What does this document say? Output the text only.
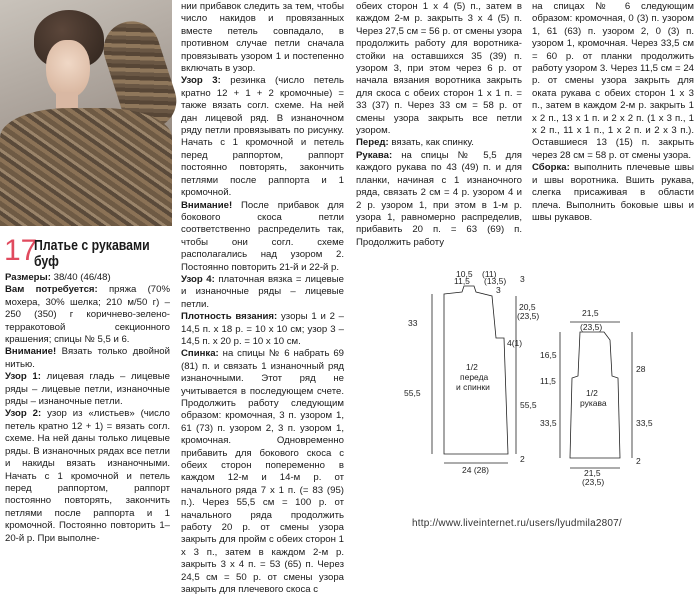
17
Платье с рукавами
буф

Размеры: 38/40 (46/48)

Вам потребуется: пряжа (70% мохера, 30% шелка; 210 м/50 г) – 250 (350) г коричнево-зелено-терракотовой секционного крашения; спицы № 5,5 и 6.

Внимание! Вязать только двойной нитью.

Узор 1: лицевая гладь – лицевые ряды – лицевые петли, изнаночные ряды – изнаночные петли.

Узор 2: узор из «листьев» (число петель кратно 12 + 1) = вязать согл. схеме. На ней даны только лицевые ряды. В изнаночных рядах все петли и накиды вязать изнаночными. Начать с 1 кромочной и петель перед раппортом, раппорт постоянно повторять, закончить петлями после раппорта и 1 кромочной. Постоянно повторить 1–20-й р. При выполне-

нии прибавок следить за тем, чтобы число накидов и провязанных вместе петель совпадало, в противном случае петли сначала провязывать узором 1 и постепенно включать в узор.

Узор 3: резинка (число петель кратно 12 + 1 + 2 кромочные) = также вязать согл. схеме. На ней дан лицевой ряд. В изнаночном ряду петли провязывать по рисунку. Начать с 1 кромочной и петель перед раппортом, раппорт постоянно повторять, закончить петлями после раппорта и 1 кромочной.

Внимание! После прибавок для бокового скоса петли соответственно распределить так, чтобы они согл. схеме располагались над узором 2. Постоянно повторить 21-й и 22-й р.

Узор 4: платочная вязка = лицевые и изнаночные ряды – лицевые петли.

Плотность вязания: узоры 1 и 2 – 14,5 п. х 18 р. = 10 х 10 см; узор 3 – 14,5 п. х 20 р. = 10 х 10 см.

Спинка: на спицы № 6 набрать 69 (81) п. и связать 1 изнаночный ряд изнаночными. Этот ряд не учитывается в последующем счете. Продолжить работу следующим образом: кромочная, 3 п. узором 1, 61 (73) п. узором 2, 3 п. узором 1, кромочная. Одновременно прибавить для бокового скоса с обеих сторон попеременно в каждом 12-м и 14-м р. от начального ряда 7 х 1 п. (= 83 (95) п.). Через 55,5 см = 100 р. от начального ряда продолжить работу 20 р. от смены узора закрыть для пройм с обеих сторон 1 х 3 п., затем в каждом 2-м р. закрыть 3 х 4 п. = 53 (65) п. Через 24,5 см = 50 р. от смены узора закрыть для плечевого скоса с

обеих сторон 1 х 4 (5) п., затем в каждом 2-м р. закрыть 3 х 4 (5) п. Через 27,5 см = 56 р. от смены узора продолжить работу для воротника-стойки на оставшихся 35 (39) п. узором 3, при этом через 6 р. от начала вязания воротника закрыть для скоса с обеих сторон 1 х 1 п. = 33 (37) п. Через 33 см = 58 р. от смены узора закрыть все петли узором.

Перед: вязать, как спинку.

Рукава: на спицы № 5,5 для каждого рукава по 43 (49) п. и для планки, начиная с 1 изнаночного ряда, связать 2 см = 4 р. узором 4 и 2 р. узором 1, при этом в 1-м р. узора 1, равномерно распределив, прибавить 20 п. = 63 (69) п. Продолжить работу

на спицах № 6 следующим образом: кромочная, 0 (3) п. узором 1, 61 (63) п. узором 2, 0 (3) п. узором 1, кромочная. Через 33,5 см = 60 р. от планки продолжить работу узором 3. Через 11,5 см = 24 р. от смены узора закрыть для оката рукава с обеих сторон 1 х 3 п., затем в каждом 2-м р. закрыть 1 х 2 п., 13 х 1 п. и 2 х 2 п. (1 х 3 п., 1 х 2 п., 11 х 1 п., 1 х 2 п. и 2 х 3 п.). Оставшиеся 13 (15) п. закрыть через 28 см = 58 р. от смены узора.

Сборка: выполнить плечевые швы и швы воротника. Вшить рукава, слегка присаживая в области плеча. Выполнить боковые швы и швы рукавов.

10,5
11,5
(11)
(13,5)
3
33
55,5
1/2
переда
и спинки
3
20,5
(23,5)
4(1)
55,5
24 (28)
2
21,5
(23,5)
16,5
11,5
33,5
28
33,5
1/2
рукава
21,5
(23,5)
2
http://www.liveinternet.ru/users/lyudmila2807/
